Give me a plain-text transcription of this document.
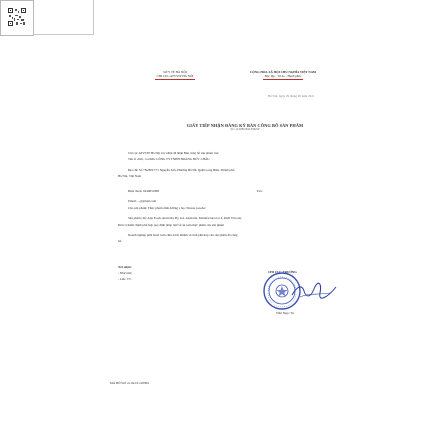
SỞ Y TẾ HÀ NỘI
CHI CỤC ATVSTP HÀ NỘI
CỘNG HÒA XÃ HỘI CHỦ NGHĨA VIỆT NAM
Độc lập - Tự do - Hạnh phúc
Hà Nội, ngày 29 tháng 06 năm 2021
GIẤY TIẾP NHẬN ĐĂNG KÝ BẢN CÔNG BỐ SẢN PHẨM
Số: 11298/2021/ĐKSP
Chi cục ATVSTP Hà Nội xác nhận đã nhận Bản công bố sản phẩm của:
Tên tổ chức, cá nhân: CÔNG TY TNHH HOÀNG ĐỨC CHÂU
Địa chỉ: Số 7N2B/07/71 Nguyễn Sơn, Phường Bồ Đề, Quận Long Biên, Thành phố
Hà Nội, Việt Nam
Điện thoại: 0246831898	Fax:
Email: ...@gmail.com
Cho sản phẩm: Thực phẩm dinh dưỡng y học Ensure powder
Sản phẩm của: Ajia Foods Australia Pty Ltd. Australia, Manufactured at 4, 4920 Victoria,
Đơn vị hành chính phù hợp quy định pháp luật về an toàn thực phẩm của sản phẩm
Doanh nghiệp phải hoàn toàn chịu trách nhiệm về tính phù hợp của sản phẩm đã công
bố.
Nơi nhận:
- Như trên;
- Lưu: VT.
CHI CỤC TRƯỞNG
Trần Ngọc Tụ
MÃ HỒ SƠ: 21.04.101.28384
